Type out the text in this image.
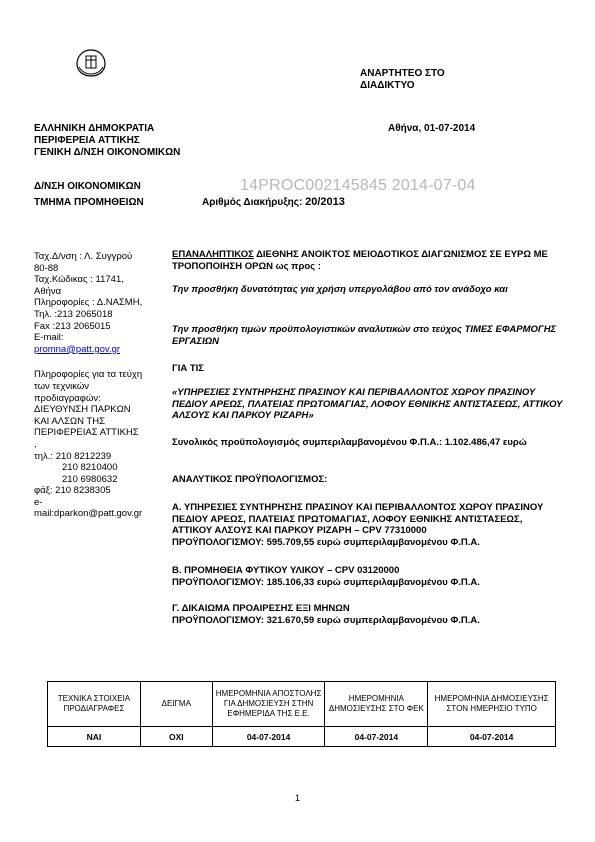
ΑΝΑΡΤΗΤΕΟ ΣΤΟ
ΔΙΑΔΙΚΤΥΟ
ΕΛΛΗΝΙΚΗ ΔΗΜΟΚΡΑΤΙΑ
ΠΕΡΙΦΕΡΕΙΑ ΑΤΤΙΚΗΣ
ΓΕΝΙΚΗ Δ/ΝΣΗ ΟΙΚΟΝΟΜΙΚΩΝ
Αθήνα, 01-07-2014
Δ/ΝΣΗ ΟΙΚΟΝΟΜΙΚΩΝ
ΤΜΗΜΑ ΠΡΟΜΗΘΕΙΩΝ
14PROC002145845 2014-07-04
Αριθμός Διακήρυξης: 20/2013
Ταχ.Δ/νση : Λ. Συγγρού
80-88
Ταχ.Κώδικας : 11741,
Αθήνα
Πληροφορίες : Δ.ΝΑΣΜΗ,
Τηλ. :213 2065018
Fax :213 2065015
E-mail:
promna@patt.gov.gr
Πληροφορίες για τα τεύχη
των τεχνικών
προδιαγραφών:
ΔΙΕΥΘΥΝΣΗ ΠΑΡΚΩΝ
ΚΑΙ ΑΛΣΩΝ ΤΗΣ
ΠΕΡΙΦΕΡΕΙΑΣ ΑΤΤΙΚΗΣ
,
τηλ.: 210 8212239
210 8210400
210 6980632
φάξ: 210 8238305
e-
mail:dparkon@patt.gov.gr
ΕΠΑΝΑΛΗΠΤΙΚΟΣ ΔΙΕΘΝΗΣ ΑΝΟΙΚΤΟΣ ΜΕΙΟΔΟΤΙΚΟΣ ΔΙΑΓΩΝΙΣΜΟΣ ΣΕ ΕΥΡΩ ΜΕ ΤΡΟΠΟΠΟΙΗΣΗ ΟΡΩΝ ως προς :
Την προσθήκη δυνατότητας για χρήση υπεργολάβου από τον ανάδοχο και
Την προσθήκη τιμών προϋπολογιστικών αναλυτικών στο τεύχος ΤΙΜΕΣ ΕΦΑΡΜΟΓΗΣ ΕΡΓΑΣΙΩΝ
ΓΙΑ ΤΙΣ
«ΥΠΗΡΕΣΙΕΣ ΣΥΝΤΗΡΗΣΗΣ ΠΡΑΣΙΝΟΥ ΚΑΙ ΠΕΡΙΒΑΛΛΟΝΤΟΣ ΧΩΡΟΥ ΠΡΑΣΙΝΟΥ ΠΕΔΙΟΥ ΑΡΕΩΣ, ΠΛΑΤΕΙΑΣ ΠΡΩΤΟΜΑΓΙΑΣ, ΛΟΦΟΥ ΕΘΝΙΚΗΣ ΑΝΤΙΣΤΑΣΕΩΣ, ΑΤΤΙΚΟΥ ΑΛΣΟΥΣ ΚΑΙ ΠΑΡΚΟΥ ΡΙΖΑΡΗ»
Συνολικός προϋπολογισμός συμπεριλαμβανομένου Φ.Π.Α.: 1.102.486,47 ευρώ
ΑΝΑΛΥΤΙΚΟΣ ΠΡΟΫΠΟΛΟΓΙΣΜΟΣ:
Α. ΥΠΗΡΕΣΙΕΣ ΣΥΝΤΗΡΗΣΗΣ ΠΡΑΣΙΝΟΥ ΚΑΙ ΠΕΡΙΒΑΛΛΟΝΤΟΣ ΧΩΡΟΥ ΠΡΑΣΙΝΟΥ ΠΕΔΙΟΥ ΑΡΕΩΣ, ΠΛΑΤΕΙΑΣ ΠΡΩΤΟΜΑΓΙΑΣ, ΛΟΦΟΥ ΕΘΝΙΚΗΣ ΑΝΤΙΣΤΑΣΕΩΣ, ΑΤΤΙΚΟΥ ΑΛΣΟΥΣ ΚΑΙ ΠΑΡΚΟΥ ΡΙΖΑΡΗ – CPV 77310000
ΠΡΟΫΠΟΛΟΓΙΣΜΟΥ: 595.709,55 ευρώ συμπεριλαμβανομένου Φ.Π.Α.
Β. ΠΡΟΜΗΘΕΙΑ ΦΥΤΙΚΟΥ ΥΛΙΚΟΥ – CPV 03120000
ΠΡΟΫΠΟΛΟΓΙΣΜΟΥ: 185.106,33 ευρώ συμπεριλαμβανομένου Φ.Π.Α.
Γ. ΔΙΚΑΙΩΜΑ ΠΡΟΑΙΡΕΣΗΣ ΕΞΙ ΜΗΝΩΝ
ΠΡΟΫΠΟΛΟΓΙΣΜΟΥ: 321.670,59 ευρώ συμπεριλαμβανομένου Φ.Π.Α.
ΤΕΧΝΙΚΑ ΣΤΟΙΧΕΙΑ ΠΡΟΔΙΑΓΡΑΦΕΣ	ΔΕΙΓΜΑ	ΗΜΕΡΟΜΗΝΙΑ ΑΠΟΣΤΟΛΗΣ ΓΙΑ ΔΗΜΟΣΙΕΥΣΗ ΣΤΗΝ ΕΦΗΜΕΡΙΔΑ ΤΗΣ Ε.Ε.	ΗΜΕΡΟΜΗΝΙΑ ΔΗΜΟΣΙΕΥΣΗΣ ΣΤΟ ΦΕΚ	ΗΜΕΡΟΜΗΝΙΑ ΔΗΜΟΣΙΕΥΣΗΣ ΣΤΟΝ ΗΜΕΡΗΣΙΟ ΤΥΠΟ
ΝΑΙ	ΟΧΙ	04-07-2014	04-07-2014	04-07-2014
1
